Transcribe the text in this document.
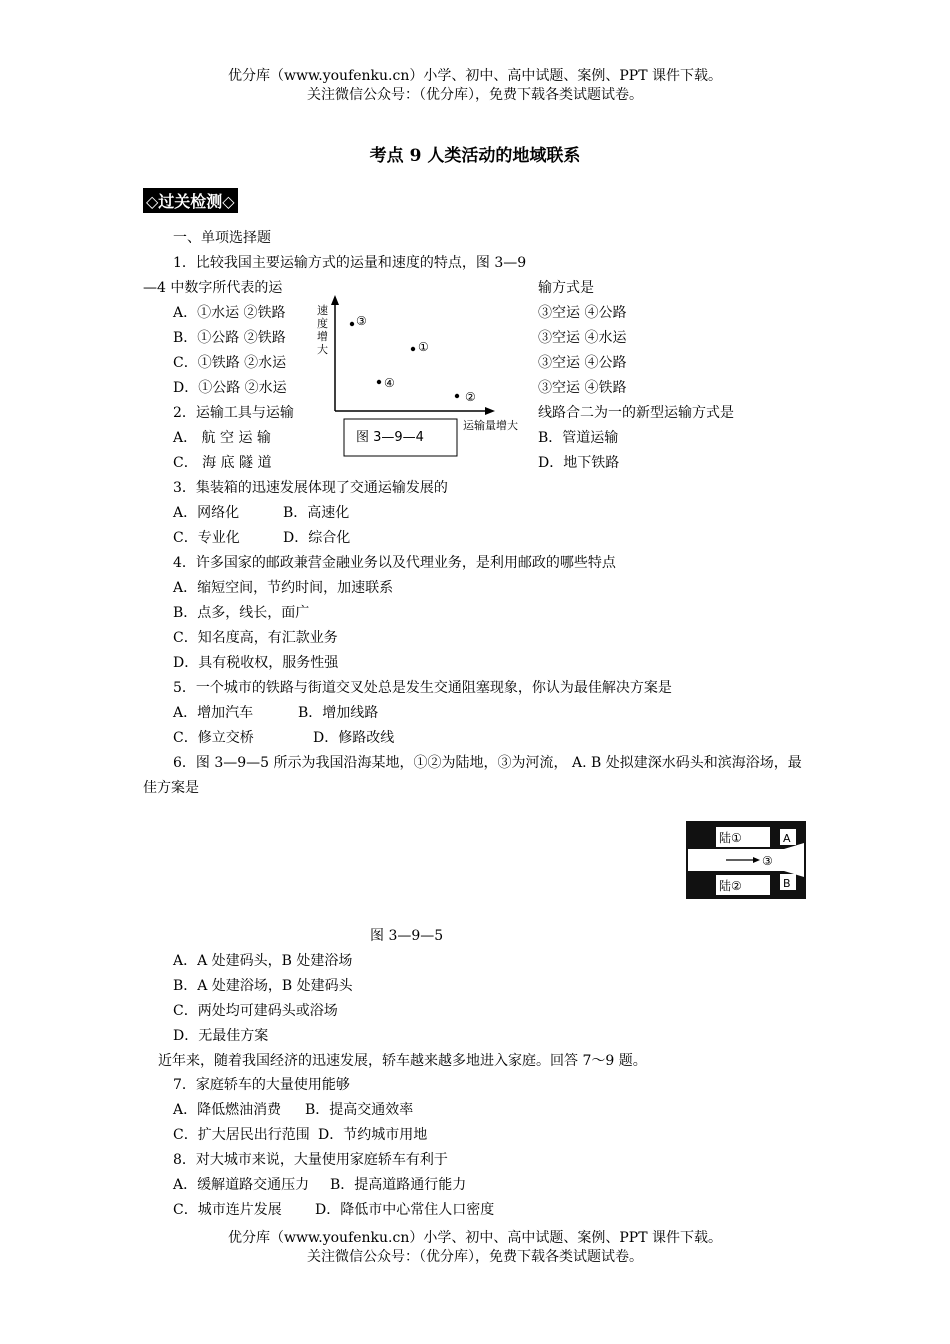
优分库（www.youfenku.cn）小学、初中、高中试题、案例、PPT 课件下载。
关注微信公众号：（优分库），免费下载各类试题试卷。
考点 9 人类活动的地域联系
◇过关检测◇
一、单项选择题
1．比较我国主要运输方式的运量和速度的特点，图 3—9
—4 中数字所代表的运	输方式是
A．①水运 ②铁路
B．①公路 ②铁路
C．①铁路 ②水运
D．①公路 ②水运
③空运 ④公路
③空运 ④水运
③空运 ④公路
③空运 ④铁路
2．运输工具与运输	线路合二为一的新型运输方式是
A． 航 空 运 输	B．管道运输
C． 海 底 隧 道	D．地下铁路
速
度
增
大
运输量增大
③
①
④
②
图 3—9—4
3．集装箱的迅速发展体现了交通运输发展的
A．网络化	B．高速化
C．专业化	D．综合化
4．许多国家的邮政兼营金融业务以及代理业务，是利用邮政的哪些特点
A．缩短空间，节约时间，加速联系
B．点多，线长，面广
C．知名度高，有汇款业务
D．具有税收权，服务性强
5．一个城市的铁路与街道交叉处总是发生交通阻塞现象，你认为最佳解决方案是
A．增加汽车	B．增加线路
C．修立交桥	D．修路改线
6．图 3—9—5 所示为我国沿海某地，①②为陆地，③为河流， A. B 处拟建深水码头和滨海浴场，最
佳方案是
陆①	A
③
陆②	B
图 3—9—5
A．A 处建码头，B 处建浴场
B．A 处建浴场，B 处建码头
C．两处均可建码头或浴场
D．无最佳方案
近年来，随着我国经济的迅速发展，轿车越来越多地进入家庭。回答 7～9 题。
7．家庭轿车的大量使用能够
A．降低燃油消费 B．提高交通效率
C．扩大居民出行范围 D．节约城市用地
8．对大城市来说，大量使用家庭轿车有利于
A．缓解道路交通压力 B．提高道路通行能力
C．城市连片发展 D．降低市中心常住人口密度
优分库（www.youfenku.cn）小学、初中、高中试题、案例、PPT 课件下载。
关注微信公众号：（优分库），免费下载各类试题试卷。
